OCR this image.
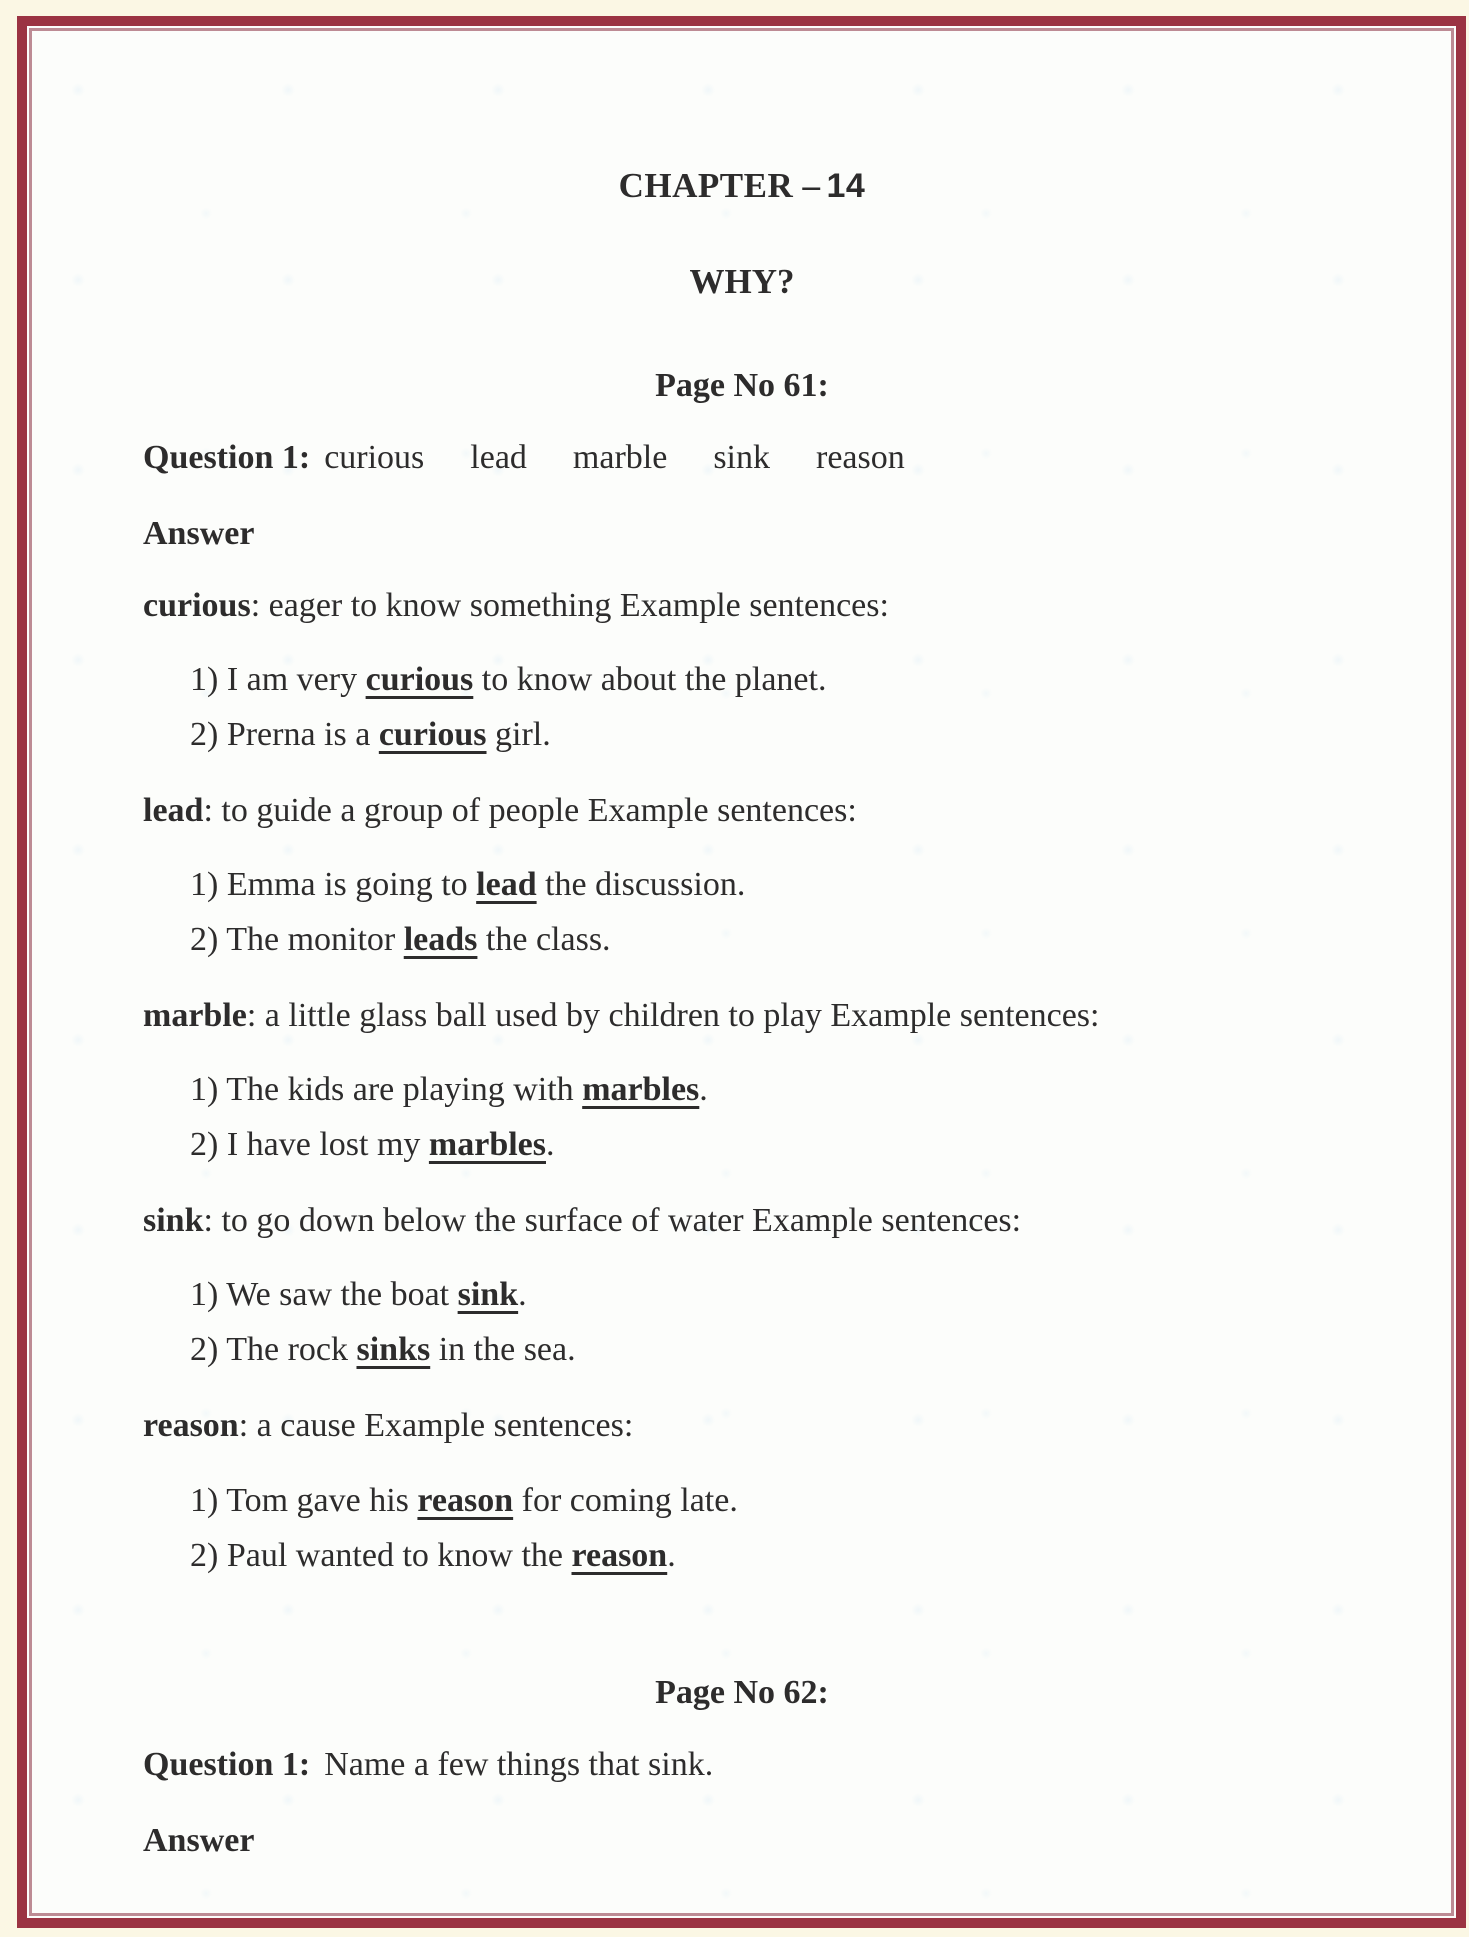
CHAPTER – 14
WHY?
Page No 61:

Question 1: curious lead marble sink reason

Answer

curious: eager to know something Example sentences:

1) I am very curious to know about the planet.

2) Prerna is a curious girl.

lead: to guide a group of people Example sentences:

1) Emma is going to lead the discussion.

2) The monitor leads the class.

marble: a little glass ball used by children to play Example sentences:

1) The kids are playing with marbles.

2) I have lost my marbles.

sink: to go down below the surface of water Example sentences:

1) We saw the boat sink.

2) The rock sinks in the sea.

reason: a cause Example sentences:

1) Tom gave his reason for coming late.

2) Paul wanted to know the reason.

Page No 62:

Question 1: Name a few things that sink.

Answer
